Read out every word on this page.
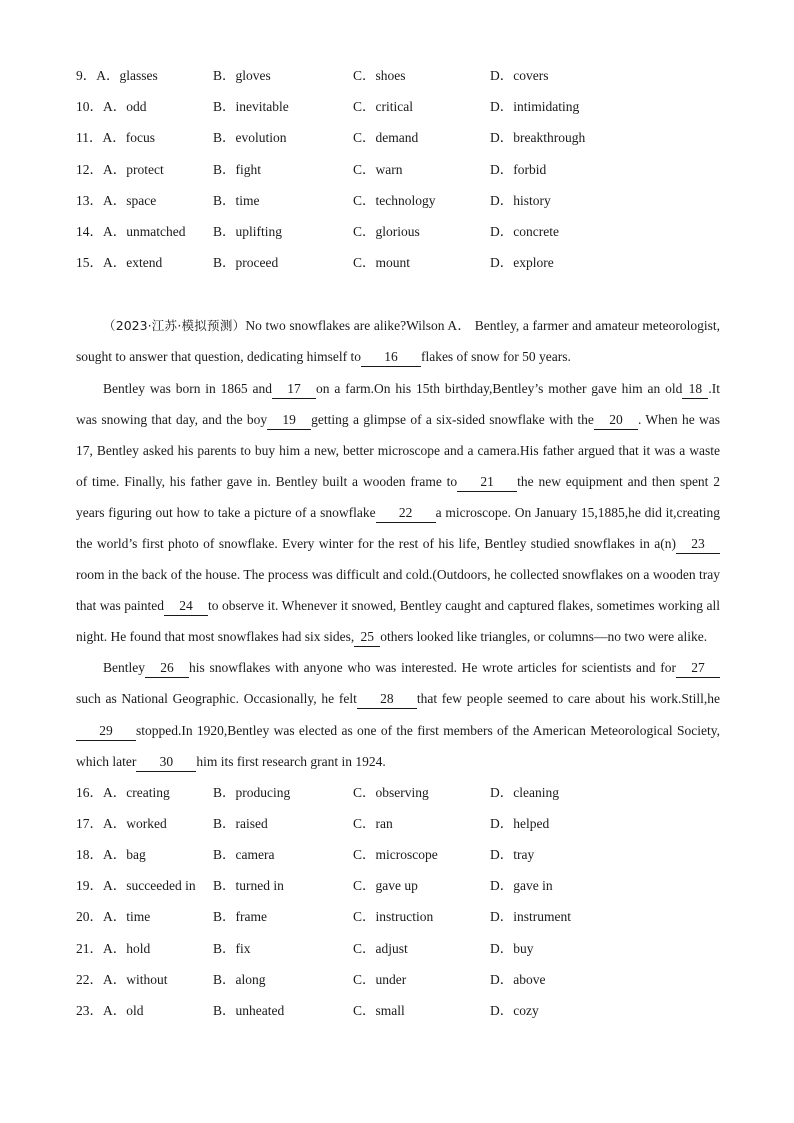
9．A．glasses	B．gloves	C．shoes	D．covers
10．A．odd	B．inevitable	C．critical	D．intimidating
11．A．focus	B．evolution	C．demand	D．breakthrough
12．A．protect	B．fight	C．warn	D．forbid
13．A．space	B．time	C．technology	D．history
14．A．unmatched B．uplifting	C．glorious	D．concrete
15．A．extend	B．proceed	C．mount	D．explore

（2023·江苏·模拟预测）No two snowflakes are alike?Wilson A． Bentley, a farmer and amateur meteorologist, sought to answer that question, dedicating himself to 16 flakes of snow for 50 years.

Bentley was born in 1865 and 17 on a farm.On his 15th birthday,Bentley’s mother gave him an old 18 .It was snowing that day, and the boy 19 getting a glimpse of a six-sided snowflake with the 20 . When he was 17, Bentley asked his parents to buy him a new, better microscope and a camera.His father argued that it was a waste of time. Finally, his father gave in. Bentley built a wooden frame to 21 the new equipment and then spent 2 years figuring out how to take a picture of a snowflake 22 a microscope. On January 15,1885,he did it,creating the world’s first photo of snowflake. Every winter for the rest of his life, Bentley studied snowflakes in a(n) 23room in the back of the house. The process was difficult and cold.(Outdoors, he collected snowflakes on a wooden tray that was painted 24 to observe it. Whenever it snowed, Bentley caught and captured flakes, sometimes working all night. He found that most snowflakes had six sides, 25 others looked like triangles, or columns—no two were alike.

Bentley 26 his snowflakes with anyone who was interested. He wrote articles for scientists and for 27such as National Geographic. Occasionally, he felt 28 that few people seemed to care about his work.Still,he29 stopped.In 1920,Bentley was elected as one of the first members of the American Meteorological Society, which later 30 him its first research grant in 1924.

16．A．creating	B．producing	C．observing	D．cleaning
17．A．worked	B．raised	C．ran	D．helped
18．A．bag	B．camera	C．microscope	D．tray
19．A．succeeded in B．turned in	C．gave up	D．gave in
20．A．time	B．frame	C．instruction	D．instrument
21．A．hold	B．fix	C．adjust	D．buy
22．A．without	B．along	C．under	D．above
23．A．old	B．unheated	C．small	D．cozy
